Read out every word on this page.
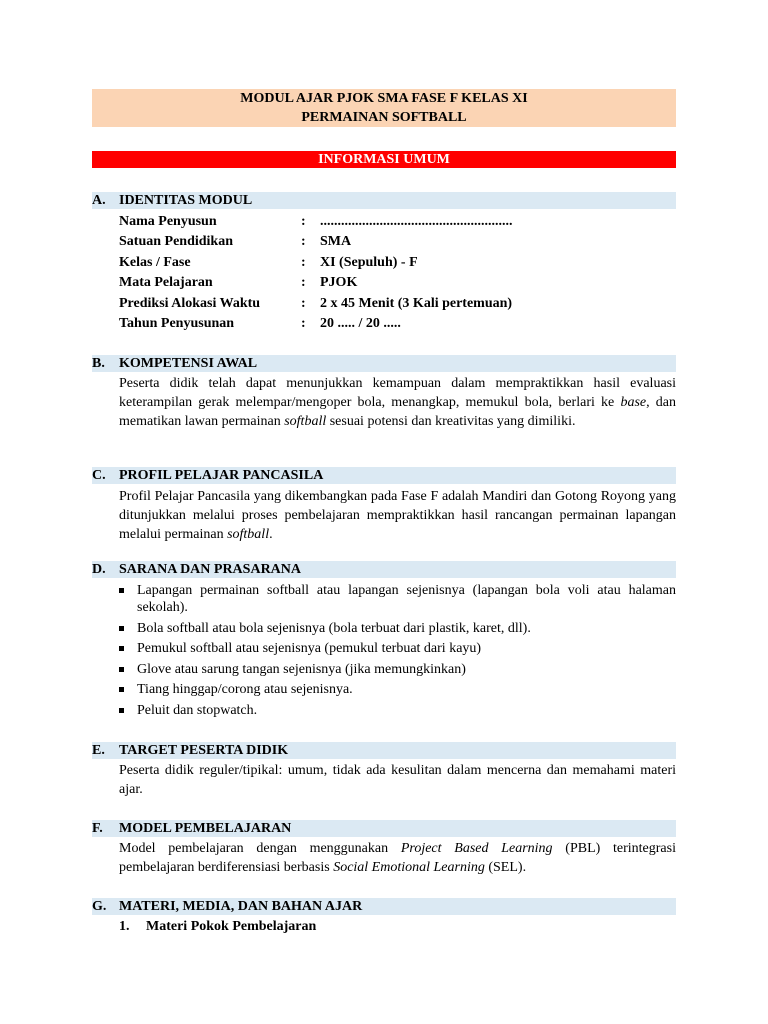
MODUL AJAR PJOK SMA FASE F KELAS XI
PERMAINAN SOFTBALL
INFORMASI UMUM
A. IDENTITAS MODUL
Nama Penyusun	: .......................................................
Satuan Pendidikan	: SMA
Kelas / Fase	: XI (Sepuluh) - F
Mata Pelajaran	: PJOK
Prediksi Alokasi Waktu	: 2 x 45 Menit (3 Kali pertemuan)
Tahun Penyusunan	: 20 ..... / 20 .....
B. KOMPETENSI AWAL

Peserta didik telah dapat menunjukkan kemampuan dalam mempraktikkan hasil evaluasi keterampilan gerak melempar/mengoper bola, menangkap, memukul bola, berlari ke base, dan mematikan lawan permainan softball sesuai potensi dan kreativitas yang dimiliki.

C. PROFIL PELAJAR PANCASILA

Profil Pelajar Pancasila yang dikembangkan pada Fase F adalah Mandiri dan Gotong Royong yang ditunjukkan melalui proses pembelajaran mempraktikkan hasil rancangan permainan lapangan melalui permainan softball.

D. SARANA DAN PRASARANA
Lapangan permainan softball atau lapangan sejenisnya (lapangan bola voli atau halaman sekolah).
Bola softball atau bola sejenisnya (bola terbuat dari plastik, karet, dll).
Pemukul softball atau sejenisnya (pemukul terbuat dari kayu)
Glove atau sarung tangan sejenisnya (jika memungkinkan)
Tiang hinggap/corong atau sejenisnya.
Peluit dan stopwatch.
E. TARGET PESERTA DIDIK

Peserta didik reguler/tipikal: umum, tidak ada kesulitan dalam mencerna dan memahami materi ajar.

F. MODEL PEMBELAJARAN

Model pembelajaran dengan menggunakan Project Based Learning (PBL) terintegrasi pembelajaran berdiferensiasi berbasis Social Emotional Learning (SEL).

G. MATERI, MEDIA, DAN BAHAN AJAR
1. Materi Pokok Pembelajaran
